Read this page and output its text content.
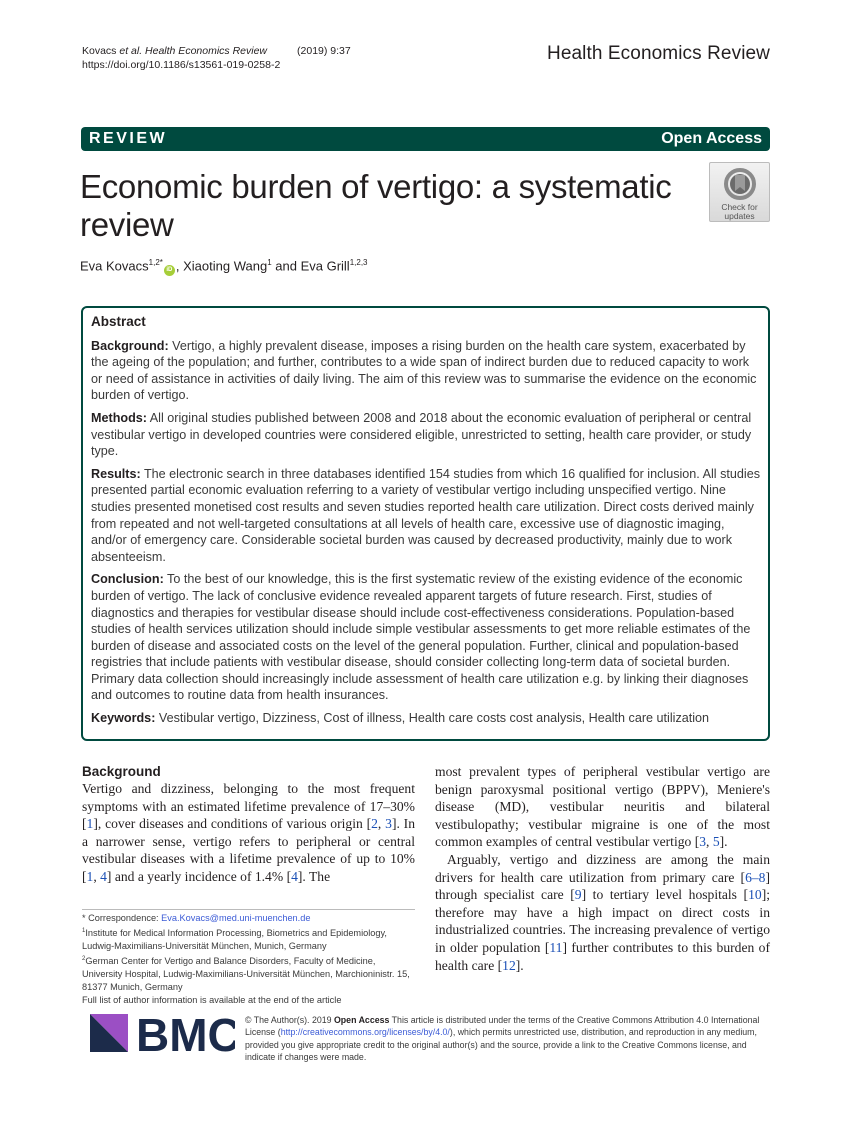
Kovacs et al. Health Economics Review	(2019) 9:37
https://doi.org/10.1186/s13561-019-0258-2
Health Economics Review
REVIEW	Open Access
Economic burden of vertigo: a systematic review	Check for
updates
Eva Kovacs$^{1,2*}$iD , Xiaoting Wang$^1$ and Eva Grill$^{1,2,3}$
Abstract

Background: Vertigo, a highly prevalent disease, imposes a rising burden on the health care system, exacerbated by the ageing of the population; and further, contributes to a wide span of indirect burden due to reduced capacity to work or need of assistance in activities of daily living. The aim of this review was to summarise the evidence on the economic burden of vertigo.

Methods: All original studies published between 2008 and 2018 about the economic evaluation of peripheral or central vestibular vertigo in developed countries were considered eligible, unrestricted to setting, health care provider, or study type.

Results: The electronic search in three databases identified 154 studies from which 16 qualified for inclusion. All studies presented partial economic evaluation referring to a variety of vestibular vertigo including unspecified vertigo. Nine studies presented monetised cost results and seven studies reported health care utilization. Direct costs derived mainly from repeated and not well-targeted consultations at all levels of health care, excessive use of diagnostic imaging, and/or of emergency care. Considerable societal burden was caused by decreased productivity, mainly due to work absenteeism.

Conclusion: To the best of our knowledge, this is the first systematic review of the existing evidence of the economic burden of vertigo. The lack of conclusive evidence revealed apparent targets of future research. First, studies of diagnostics and therapies for vestibular disease should include cost-effectiveness considerations. Population-based studies of health services utilization should include simple vestibular assessments to get more reliable estimates of the burden of disease and associated costs on the level of the general population. Further, clinical and population-based registries that include patients with vestibular disease, should consider collecting long-term data of societal burden. Primary data collection should increasingly include assessment of health care utilization e.g. by linking their diagnoses and outcomes to routine data from health insurances.

Keywords: Vestibular vertigo, Dizziness, Cost of illness, Health care costs cost analysis, Health care utilization

Background

Vertigo and dizziness, belonging to the most frequent symptoms with an estimated lifetime prevalence of 17–30% [1], cover diseases and conditions of various origin [2, 3]. In a narrower sense, vertigo refers to peripheral or central vestibular diseases with a lifetime prevalence of up to 10% [1, 4] and a yearly incidence of 1.4% [4]. The

most prevalent types of peripheral vestibular vertigo are benign paroxysmal positional vertigo (BPPV), Meniere's disease (MD), vestibular neuritis and bilateral vestibulopathy; vestibular migraine is one of the most common examples of central vestibular vertigo [3, 5].

Arguably, vertigo and dizziness are among the main drivers for health care utilization from primary care [6–8] through specialist care [9] to tertiary level hospitals [10]; therefore may have a high impact on direct costs in industrialized countries. The increasing prevalence of vertigo in older population [11] further contributes to this burden of health care [12].

* Correspondence: Eva.Kovacs@med.uni-muenchen.de
$^1$Institute for Medical Information Processing, Biometrics and Epidemiology, Ludwig-Maximilians-Universität München, Munich, Germany
$^2$German Center for Vertigo and Balance Disorders, Faculty of Medicine, University Hospital, Ludwig-Maximilians-Universität München, Marchioninistr. 15, 81377 Munich, Germany
Full list of author information is available at the end of the article
BMC © The Author(s). 2019 Open Access This article is distributed under the terms of the Creative Commons Attribution 4.0 International License (http://creativecommons.org/licenses/by/4.0/), which permits unrestricted use, distribution, and reproduction in any medium, provided you give appropriate credit to the original author(s) and the source, provide a link to the Creative Commons license, and indicate if changes were made.
